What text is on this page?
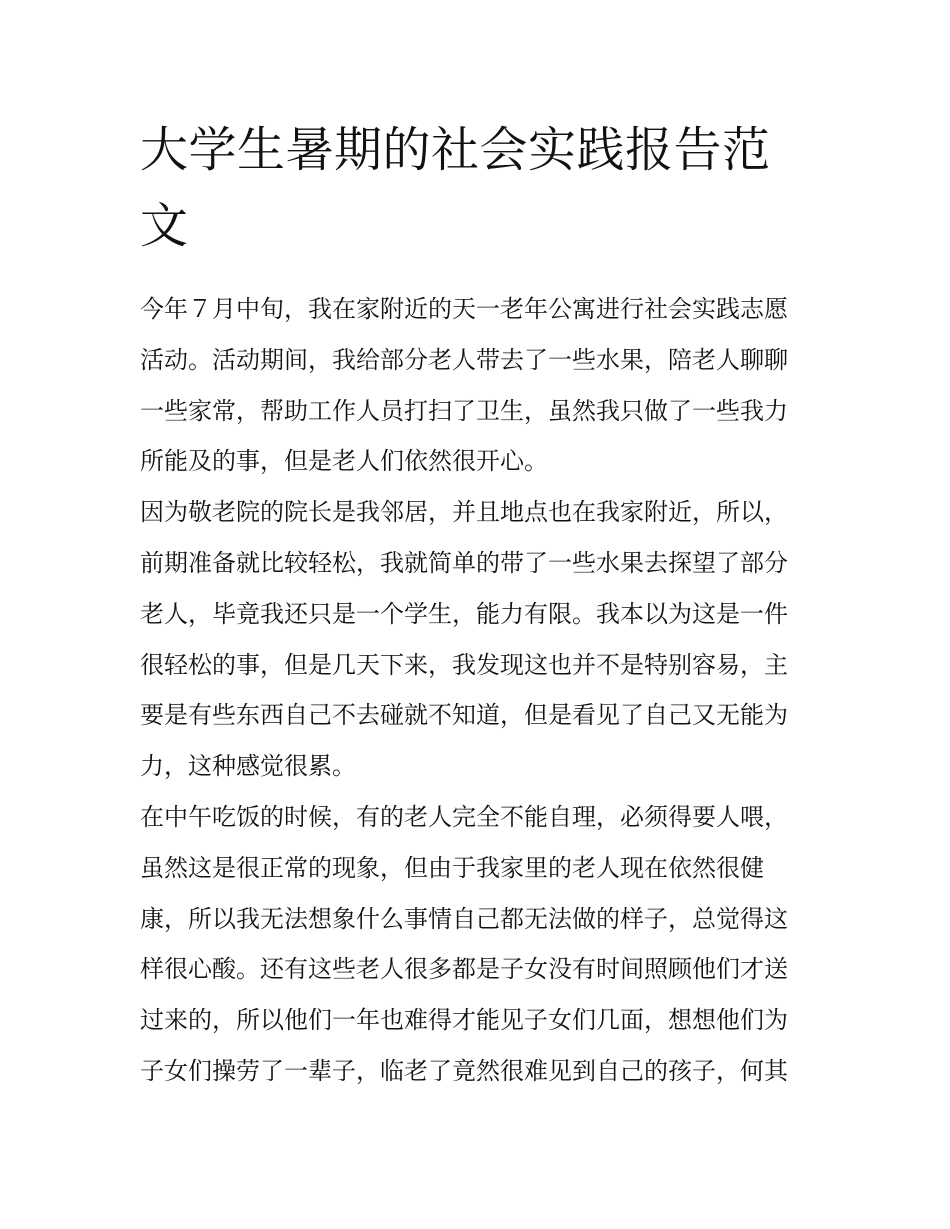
大学生暑期的社会实践报告范
文

今年７月中旬，我在家附近的天一老年公寓进行社会实践志愿
活动。活动期间，我给部分老人带去了一些水果，陪老人聊聊
一些家常，帮助工作人员打扫了卫生，虽然我只做了一些我力
所能及的事，但是老人们依然很开心。

因为敬老院的院长是我邻居，并且地点也在我家附近，所以，
前期准备就比较轻松，我就简单的带了一些水果去探望了部分
老人，毕竟我还只是一个学生，能力有限。我本以为这是一件
很轻松的事，但是几天下来，我发现这也并不是特别容易，主
要是有些东西自己不去碰就不知道，但是看见了自己又无能为
力，这种感觉很累。

在中午吃饭的时候，有的老人完全不能自理，必须得要人喂，
虽然这是很正常的现象，但由于我家里的老人现在依然很健
康，所以我无法想象什么事情自己都无法做的样子，总觉得这
样很心酸。还有这些老人很多都是子女没有时间照顾他们才送
过来的，所以他们一年也难得才能见子女们几面，想想他们为
子女们操劳了一辈子，临老了竟然很难见到自己的孩子，何其
